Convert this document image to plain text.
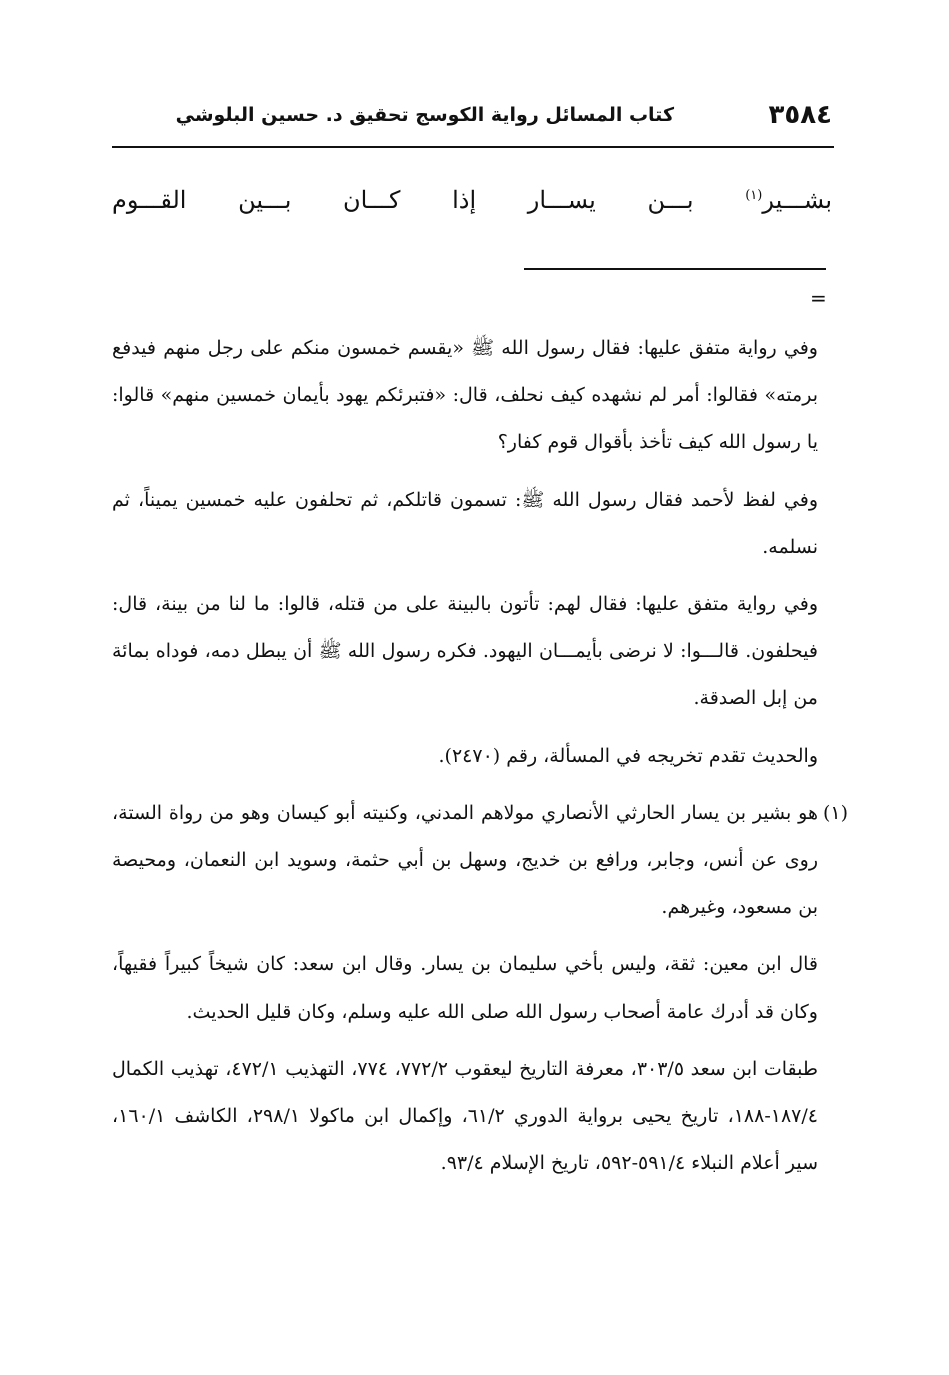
٣٥٨٤
كتاب المسائل رواية الكوسج تحقيق د. حسين البلوشي
بشـــير$^{(١)}$ بـــن يســـار إذا كـــان بـــين القـــوم
=

وفي رواية متفق عليها: فقال رسول الله ﷺ «يقسم خمسون منكم على رجل منهم فيدفع برمته» فقالوا: أمر لم نشهده كيف نحلف، قال: «فتبرئكم يهود بأيمان خمسين منهم» قالوا: يا رسول الله كيف تأخذ بأقوال قوم كفار؟

وفي لفظ لأحمد فقال رسول الله ﷺ: تسمون قاتلكم، ثم تحلفون عليه خمسين يميناً، ثم نسلمه.

وفي رواية متفق عليها: فقال لهم: تأتون بالبينة على من قتله، قالوا: ما لنا من بينة، قال: فيحلفون. قالـــوا: لا نرضى بأيمـــان اليهود. فكره رسول الله ﷺ أن يبطل دمه، فوداه بمائة من إبل الصدقة.

والحديث تقدم تخريجه في المسألة، رقم (٢٤٧٠).

(١)

هو بشير بن يسار الحارثي الأنصاري مولاهم المدني، وكنيته أبو كيسان وهو من رواة الستة، روى عن أنس، وجابر، ورافع بن خديج، وسهل بن أبي حثمة، وسويد ابن النعمان، ومحيصة بن مسعود، وغيرهم.

قال ابن معين: ثقة، وليس بأخي سليمان بن يسار. وقال ابن سعد: كان شيخاً كبيراً فقيهاً، وكان قد أدرك عامة أصحاب رسول الله صلى الله عليه وسلم، وكان قليل الحديث.

طبقات ابن سعد ٣٠٣/٥، معرفة التاريخ ليعقوب ٧٧٢/٢، ٧٧٤، التهذيب ٤٧٢/١، تهذيب الكمال ١٨٧/٤-١٨٨، تاريخ يحيى برواية الدوري ٦١/٢، وإكمال ابن ماكولا ٢٩٨/١، الكاشف ١٦٠/١، سير أعلام النبلاء ٥٩١/٤-٥٩٢، تاريخ الإسلام ٩٣/٤.
